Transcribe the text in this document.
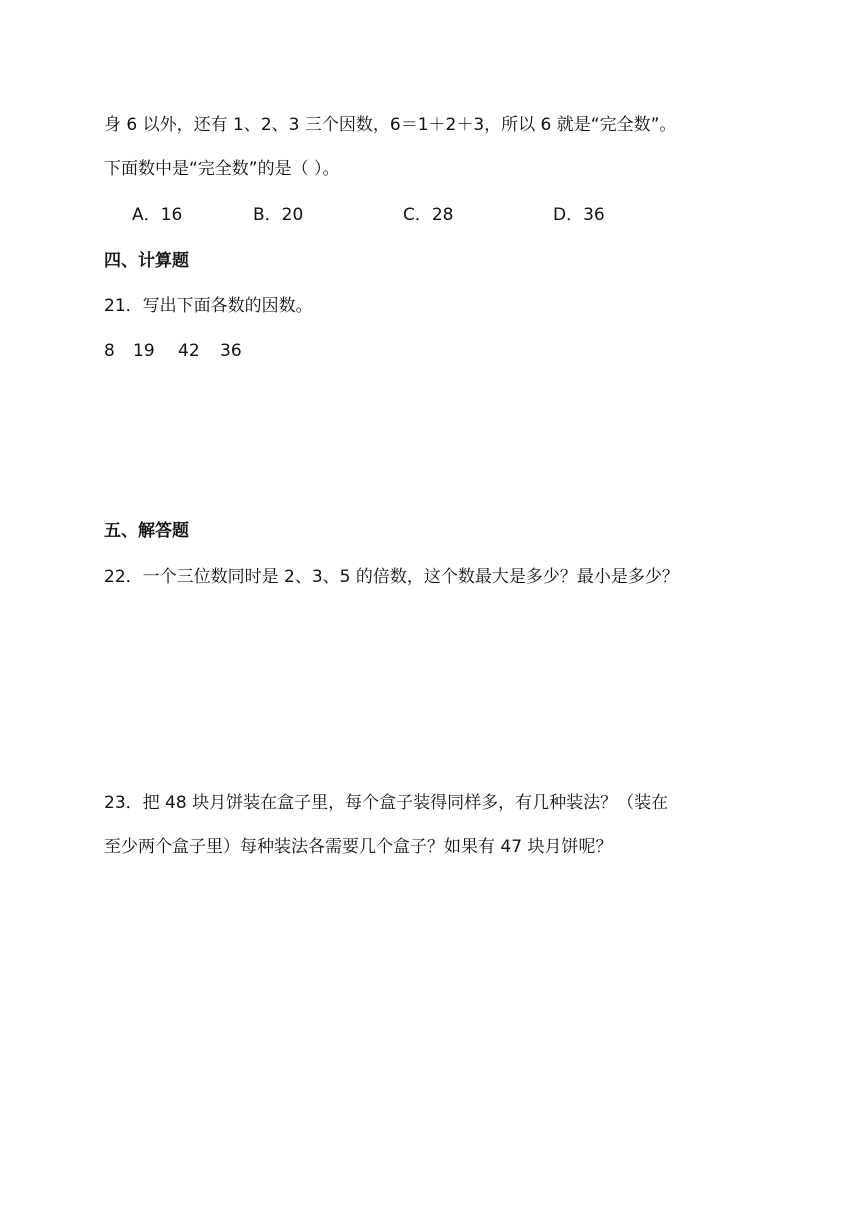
身 6 以外，还有 1、2、3 三个因数，6＝1＋2＋3，所以 6 就是“完全数”。
下面数中是“完全数”的是（ ）。
A．16	B．20	C．28	D．36
四、计算题
21．写出下面各数的因数。
8 19 42 36
五、解答题
22．一个三位数同时是 2、3、5 的倍数，这个数最大是多少？最小是多少？
23．把 48 块月饼装在盒子里，每个盒子装得同样多，有几种装法？（装在
至少两个盒子里）每种装法各需要几个盒子？如果有 47 块月饼呢？
